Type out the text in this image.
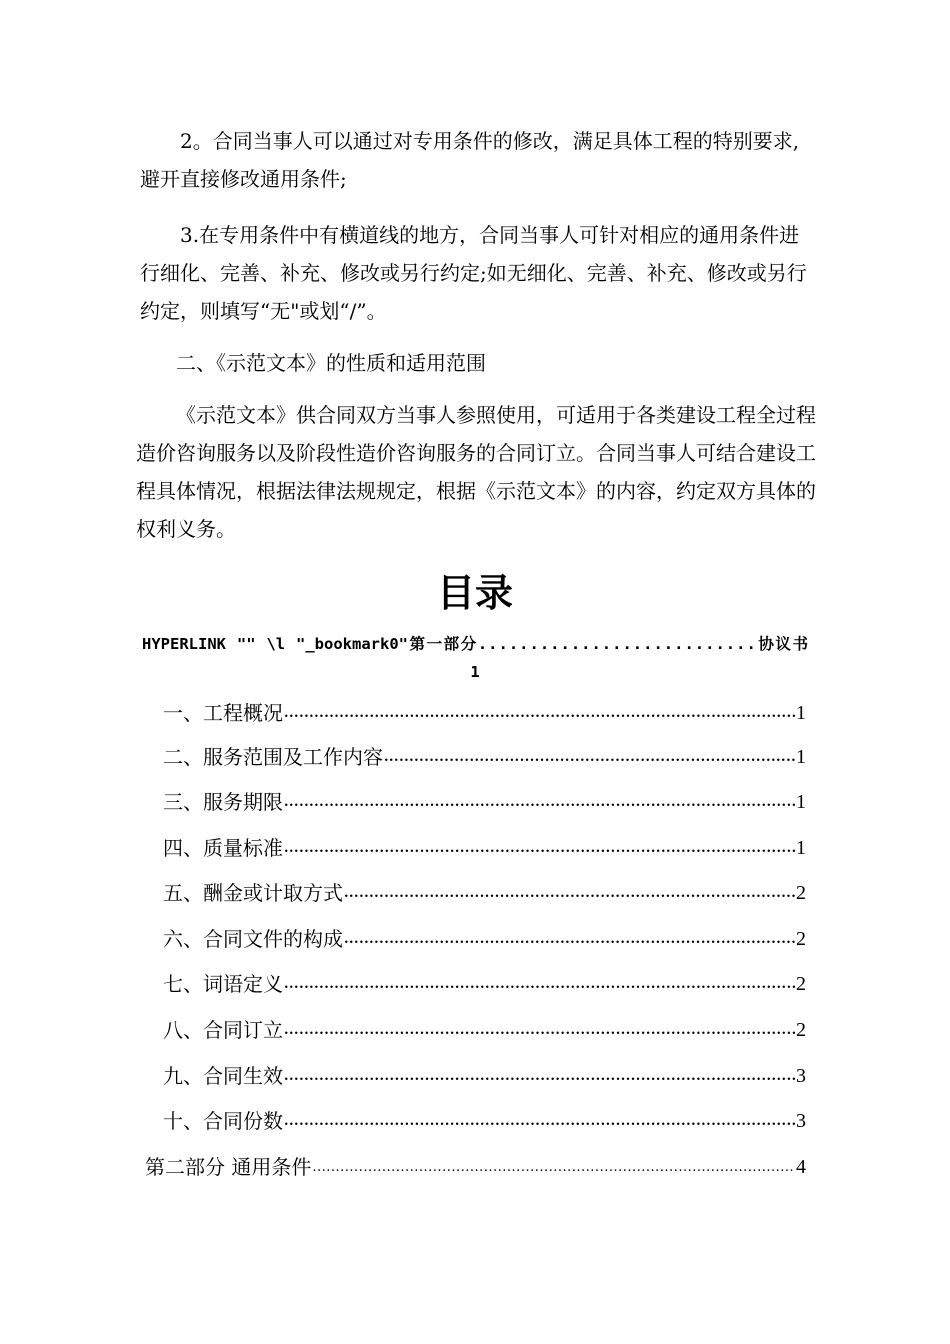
2。合同当事人可以通过对专用条件的修改，满足具体工程的特别要求,避开直接修改通用条件;

3.在专用条件中有横道线的地方，合同当事人可针对相应的通用条件进行细化、完善、补充、修改或另行约定;如无细化、完善、补充、修改或另行约定，则填写“无"或划“/”。

二、《示范文本》的性质和适用范围

《示范文本》供合同双方当事人参照使用，可适用于各类建设工程全过程造价咨询服务以及阶段性造价咨询服务的合同订立。合同当事人可结合建设工程具体情况，根据法律法规规定，根据《示范文本》的内容，约定双方具体的权利义务。

目录
HYPERLINK "" \l "_bookmark0"第一部分...........................协议书 1
一、工程概况 .....	1
二、服务范围及工作内容 .....	1
三、服务期限 .....	1
四、质量标准 .....	1
五、酬金或计取方式 .....	2
六、合同文件的构成 .....	2
七、词语定义 .....	2
八、合同订立 .....	2
九、合同生效 .....	3
十、合同份数 .....	3
第二部分 通用条件 .....	4
